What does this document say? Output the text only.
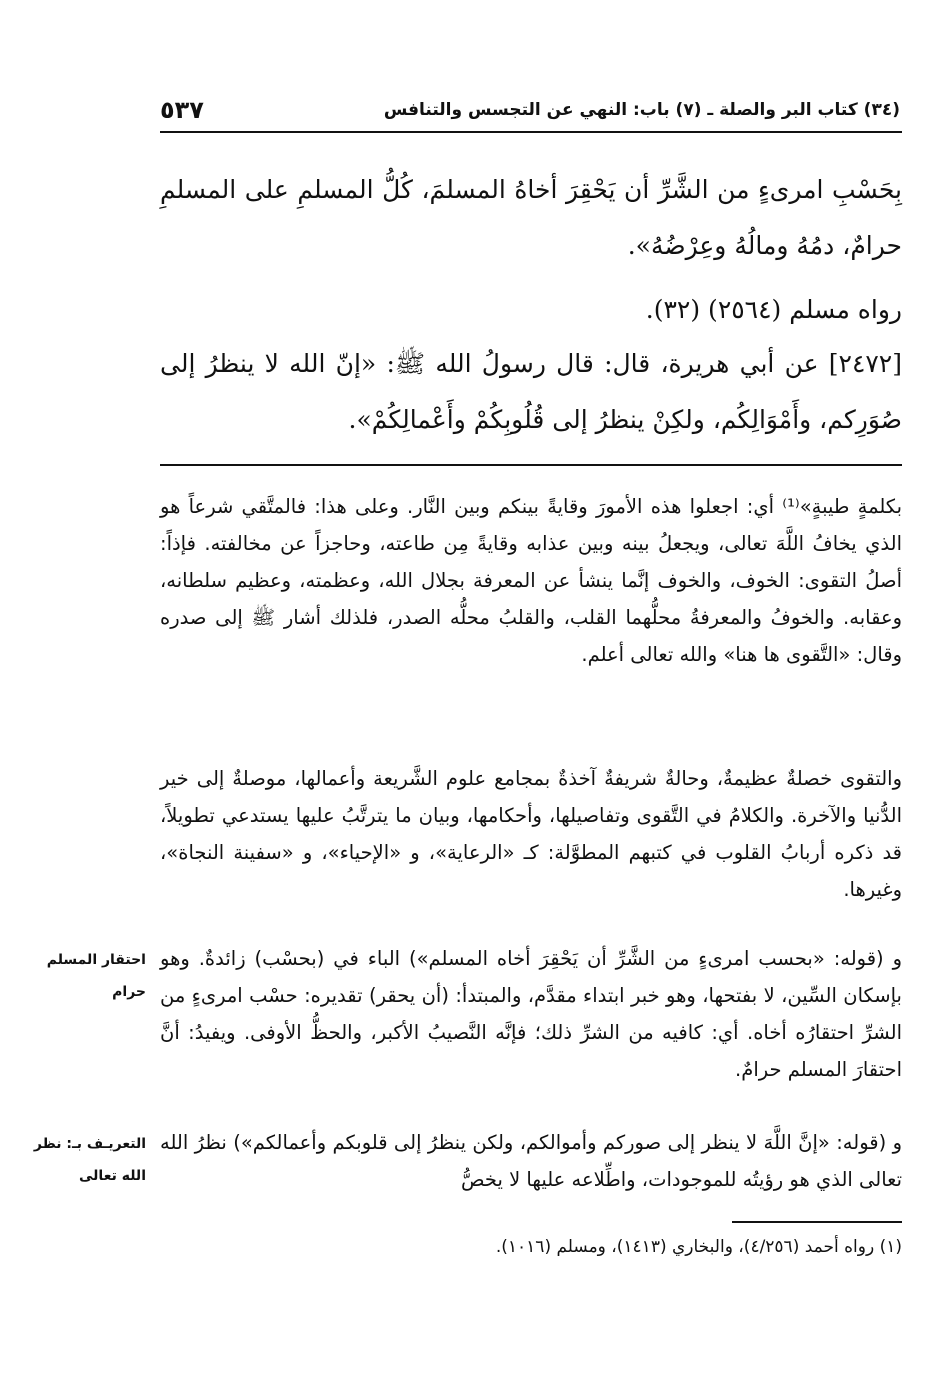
٥٣٧	(٣٤) كتاب البر والصلة ـ (٧) باب: النهي عن التجسس والتنافس
بِحَسْبِ امرىءٍ من الشَّرِّ أن يَحْقِرَ أخاهُ المسلمَ، كُلُّ المسلمِ على المسلمِ حرامٌ، دمُهُ ومالُهُ وعِرْضُهُ».
رواه مسلم (٢٥٦٤) (٣٢).
[٢٤٧٢] عن أبي هريرة، قال: قال رسولُ الله ﷺ: «إنّ الله لا ينظرُ إلى صُوَرِكم، وأَمْوَالِكُم، ولكِنْ ينظرُ إلى قُلُوبِكُمْ وأَعْمالِكُمْ».
بكلمةٍ طيبةٍ»⁽¹⁾ أي: اجعلوا هذه الأمورَ وقايةً بينكم وبين النَّار. وعلى هذا: فالمتَّقي شرعاً هو الذي يخافُ اللَّهَ تعالى، ويجعلُ بينه وبين عذابه وقايةً مِن طاعته، وحاجزاً عن مخالفته. فإذاً: أصلُ التقوى: الخوف، والخوف إنَّما ينشأ عن المعرفة بجلال الله، وعظمته، وعظيم سلطانه، وعقابه. والخوفُ والمعرفةُ محلُّهما القلب، والقلبُ محلُّه الصدر، فلذلك أشار ﷺ إلى صدره وقال: «التَّقوى ها هنا» والله تعالى أعلم.
والتقوى خصلةٌ عظيمةٌ، وحالةٌ شريفةٌ آخذةٌ بمجامع علوم الشَّريعة وأعمالها، موصلةٌ إلى خير الدُّنيا والآخرة. والكلامُ في التَّقوى وتفاصيلها، وأحكامها، وبيان ما يترتَّبُ عليها يستدعي تطويلاً، قد ذكره أربابُ القلوب في كتبهم المطوَّلة: كـ «الرعاية»، و «الإحياء»، و «سفينة النجاة»، وغيرها.
و (قوله: «بحسب امرىءٍ من الشَّرِّ أن يَحْقِرَ أخاه المسلم») الباء في (بحسْب) زائدةٌ. وهو بإسكان السِّين، لا بفتحها، وهو خبر ابتداء مقدَّم، والمبتدأ: (أن يحقر) تقديره: حسْب امرىءٍ من الشرِّ احتقارُه أخاه. أي: كافيه من الشرِّ ذلك؛ فإنَّه النَّصيبُ الأكبر، والحظُّ الأوفى. ويفيدُ: أنَّ احتقارَ المسلم حرامٌ.
و (قوله: «إنَّ اللَّهَ لا ينظر إلى صوركم وأموالكم، ولكن ينظرُ إلى قلوبكم وأعمالكم») نظرُ الله تعالى الذي هو رؤيتُه للموجودات، واطِّلاعه عليها لا يخصُّ
احتقار المسلم حرام
التعريـف بـ: نظر الله تعالى
(١) رواه أحمد (٤/٢٥٦)، والبخاري (١٤١٣)، ومسلم (١٠١٦).
